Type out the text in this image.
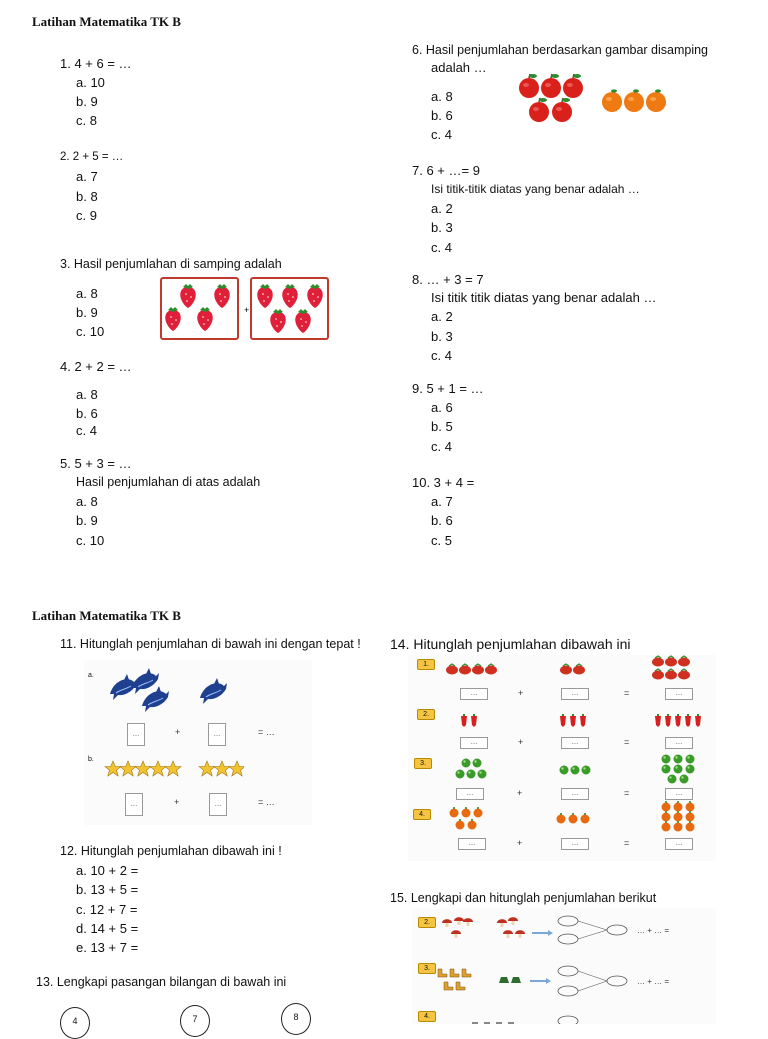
Latihan Matematika TK B
1. 4 + 6 = …
a. 10
b. 9
c. 8
2. 2 + 5 = …
a. 7
b. 8
c. 9
3. Hasil penjumlahan di samping adalah
a. 8
b. 9
c. 10
+
4. 2 + 2 = …
a. 8
b. 6
c. 4
5. 5 + 3 = …
Hasil penjumlahan di atas adalah
a. 8
b. 9
c. 10
6. Hasil penjumlahan berdasarkan gambar disamping
adalah …
a. 8
b. 6
c. 4
7. 6 + …= 9
Isi titik-titik diatas yang benar adalah …
a. 2
b. 3
c. 4
8. … + 3 = 7
Isi titik titik diatas yang benar adalah …
a. 2
b. 3
c. 4
9. 5 + 1 = …
a. 6
b. 5
c. 4
10. 3 + 4 =
a. 7
b. 6
c. 5
Latihan Matematika TK B
11. Hitunglah penjumlahan di bawah ini dengan tepat !
a.
…	+	…	= …
b.
…	+	…	= …
12. Hitunglah penjumlahan dibawah ini !
a. 10 + 2 =
b. 13 + 5 =
c. 12 + 7 =
d. 14 + 5 =
e. 13 + 7 =
13. Lengkapi pasangan bilangan di bawah ini
4	7	8
14. Hitunglah penjumlahan dibawah ini
1.
…	+	…	=	…
2.
…	+	…	=	…
3.
…	+	…	=	…
4.
…	+	…	=	…
15. Lengkapi dan hitunglah penjumlahan berikut
2.
… + … =
3.
… + … =
4.
